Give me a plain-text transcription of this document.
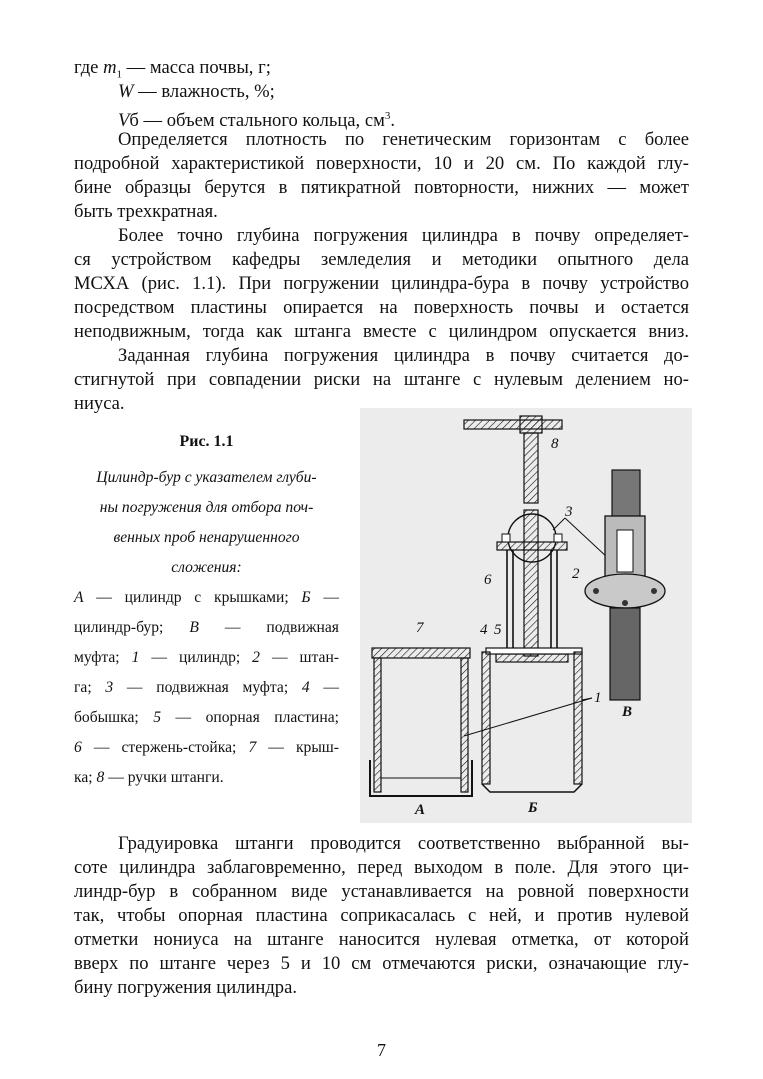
где $m_1$ — масса почвы, г;
W — влажность, %;
Vб — объем стального кольца, $см^3$.
Определяется плотность по генетическим горизонтам с более
подробной характеристикой поверхности, 10 и 20 см. По каждой глу-
бине образцы берутся в пятикратной повторности, нижних — может
быть трехкратная.
Более точно глубина погружения цилиндра в почву определяет-
ся устройством кафедры земледелия и методики опытного дела
МСХА (рис. 1.1). При погружении цилиндра-бура в почву устройство
посредством пластины опирается на поверхность почвы и остается
неподвижным, тогда как штанга вместе с цилиндром опускается вниз.
Заданная глубина погружения цилиндра в почву считается до-
стигнутой при совпадении риски на штанге с нулевым делением но-
ниуса.
Рис. 1.1
Цилиндр-бур с указателем глуби-
ны погружения для отбора поч-
венных проб ненарушенного
сложения:
А — цилиндр с крышками; Б —
цилиндр-бур; В — подвижная
муфта; 1 — цилиндр; 2 — штан-
га; 3 — подвижная муфта; 4 —
бобышка; 5 — опорная пластина;
6 — стержень-стойка; 7 — крыш-
ка; 8 — ручки штанги.
8
3
2
6
7	4 5
1
А	Б
В
Градуировка штанги проводится соответственно выбранной вы-
соте цилиндра заблаговременно, перед выходом в поле. Для этого ци-
линдр-бур в собранном виде устанавливается на ровной поверхности
так, чтобы опорная пластина соприкасалась с ней, и против нулевой
отметки нониуса на штанге наносится нулевая отметка, от которой
вверх по штанге через 5 и 10 см отмечаются риски, означающие глу-
бину погружения цилиндра.
7
